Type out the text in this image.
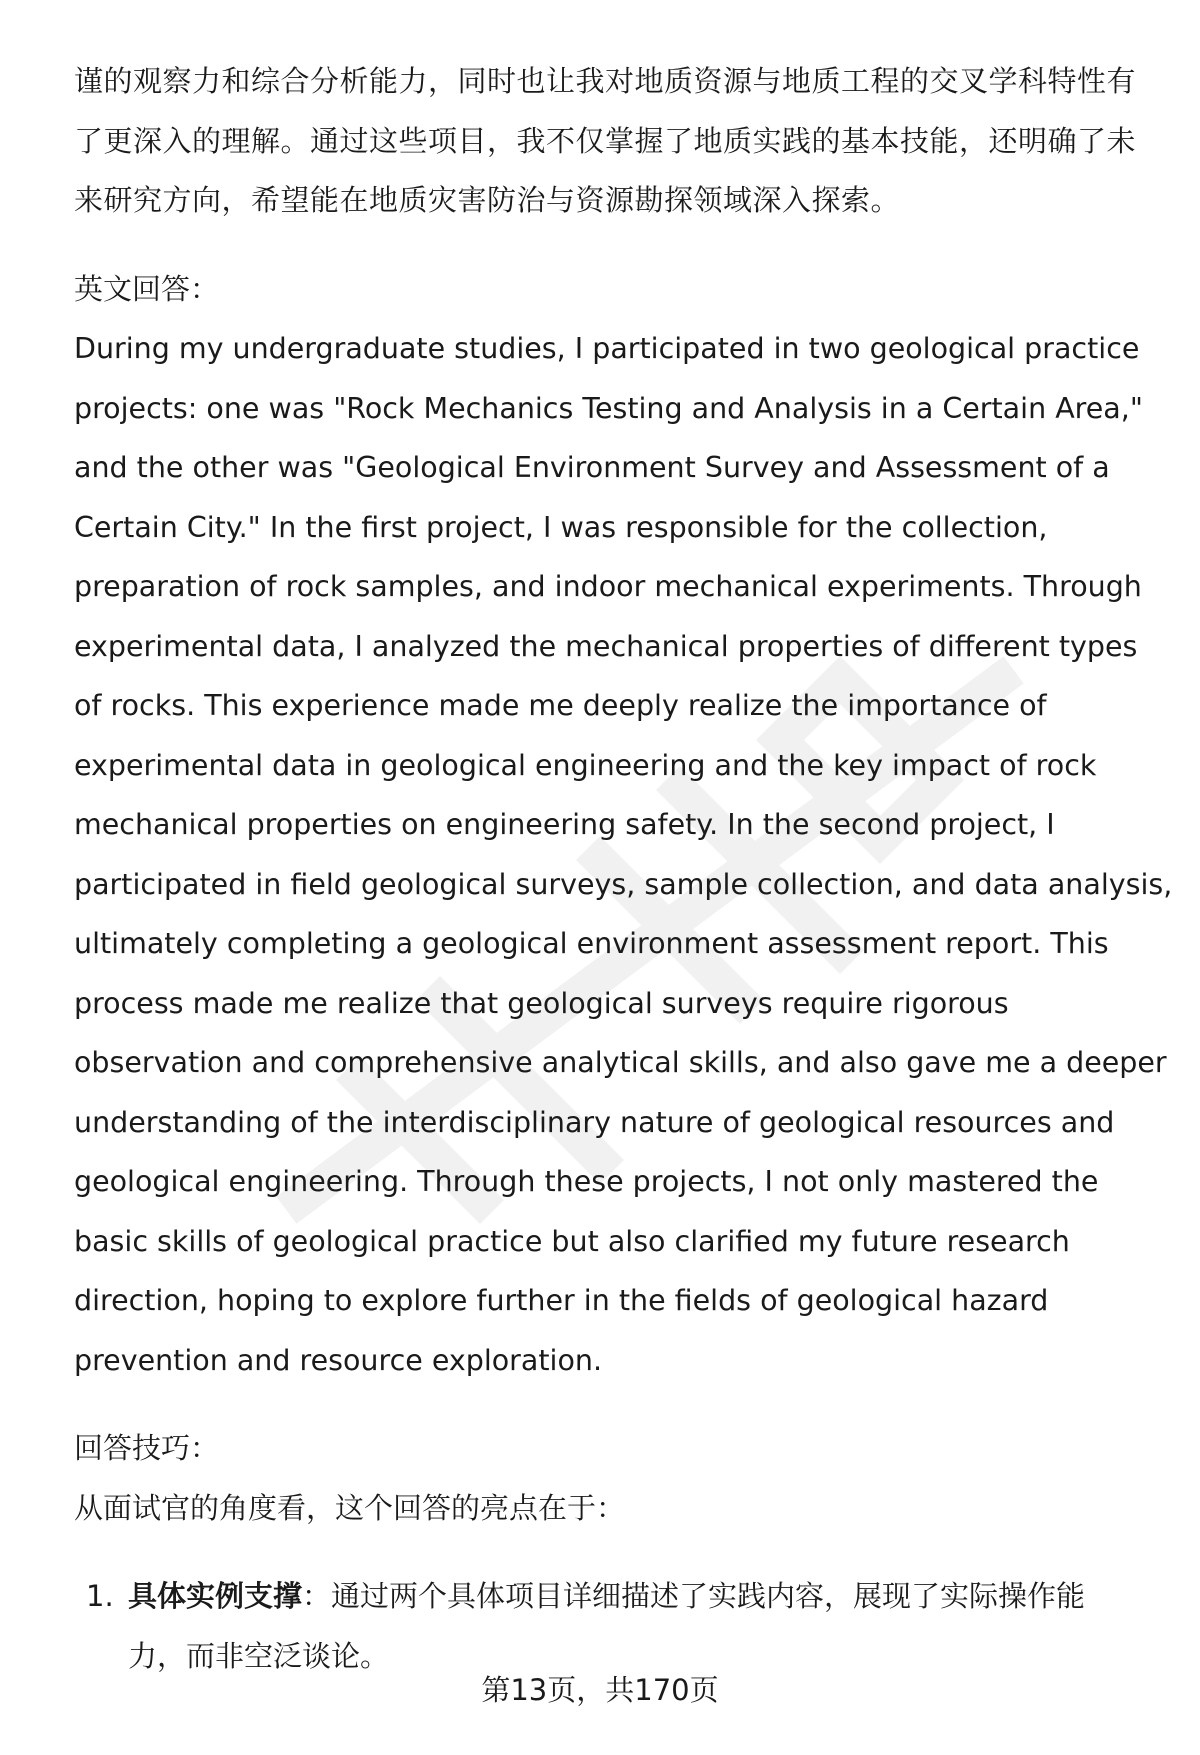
谨的观察力和综合分析能力，同时也让我对地质资源与地质工程的交叉学科特性有
了更深入的理解。通过这些项目，我不仅掌握了地质实践的基本技能，还明确了未
来研究方向，希望能在地质灾害防治与资源勘探领域深入探索。

英文回答：

During my undergraduate studies, I participated in two geological practice
projects: one was "Rock Mechanics Testing and Analysis in a Certain Area,"
and the other was "Geological Environment Survey and Assessment of a
Certain City." In the first project, I was responsible for the collection,
preparation of rock samples, and indoor mechanical experiments. Through
experimental data, I analyzed the mechanical properties of different types
of rocks. This experience made me deeply realize the importance of
experimental data in geological engineering and the key impact of rock
mechanical properties on engineering safety. In the second project, I
participated in field geological surveys, sample collection, and data analysis,
ultimately completing a geological environment assessment report. This
process made me realize that geological surveys require rigorous
observation and comprehensive analytical skills, and also gave me a deeper
understanding of the interdisciplinary nature of geological resources and
geological engineering. Through these projects, I not only mastered the
basic skills of geological practice but also clarified my future research
direction, hoping to explore further in the fields of geological hazard
prevention and resource exploration.

回答技巧：

从面试官的角度看，这个回答的亮点在于：

1. 具体实例支撑：通过两个具体项目详细描述了实践内容，展现了实际操作能
力，而非空泛谈论。
第13页，共170页
